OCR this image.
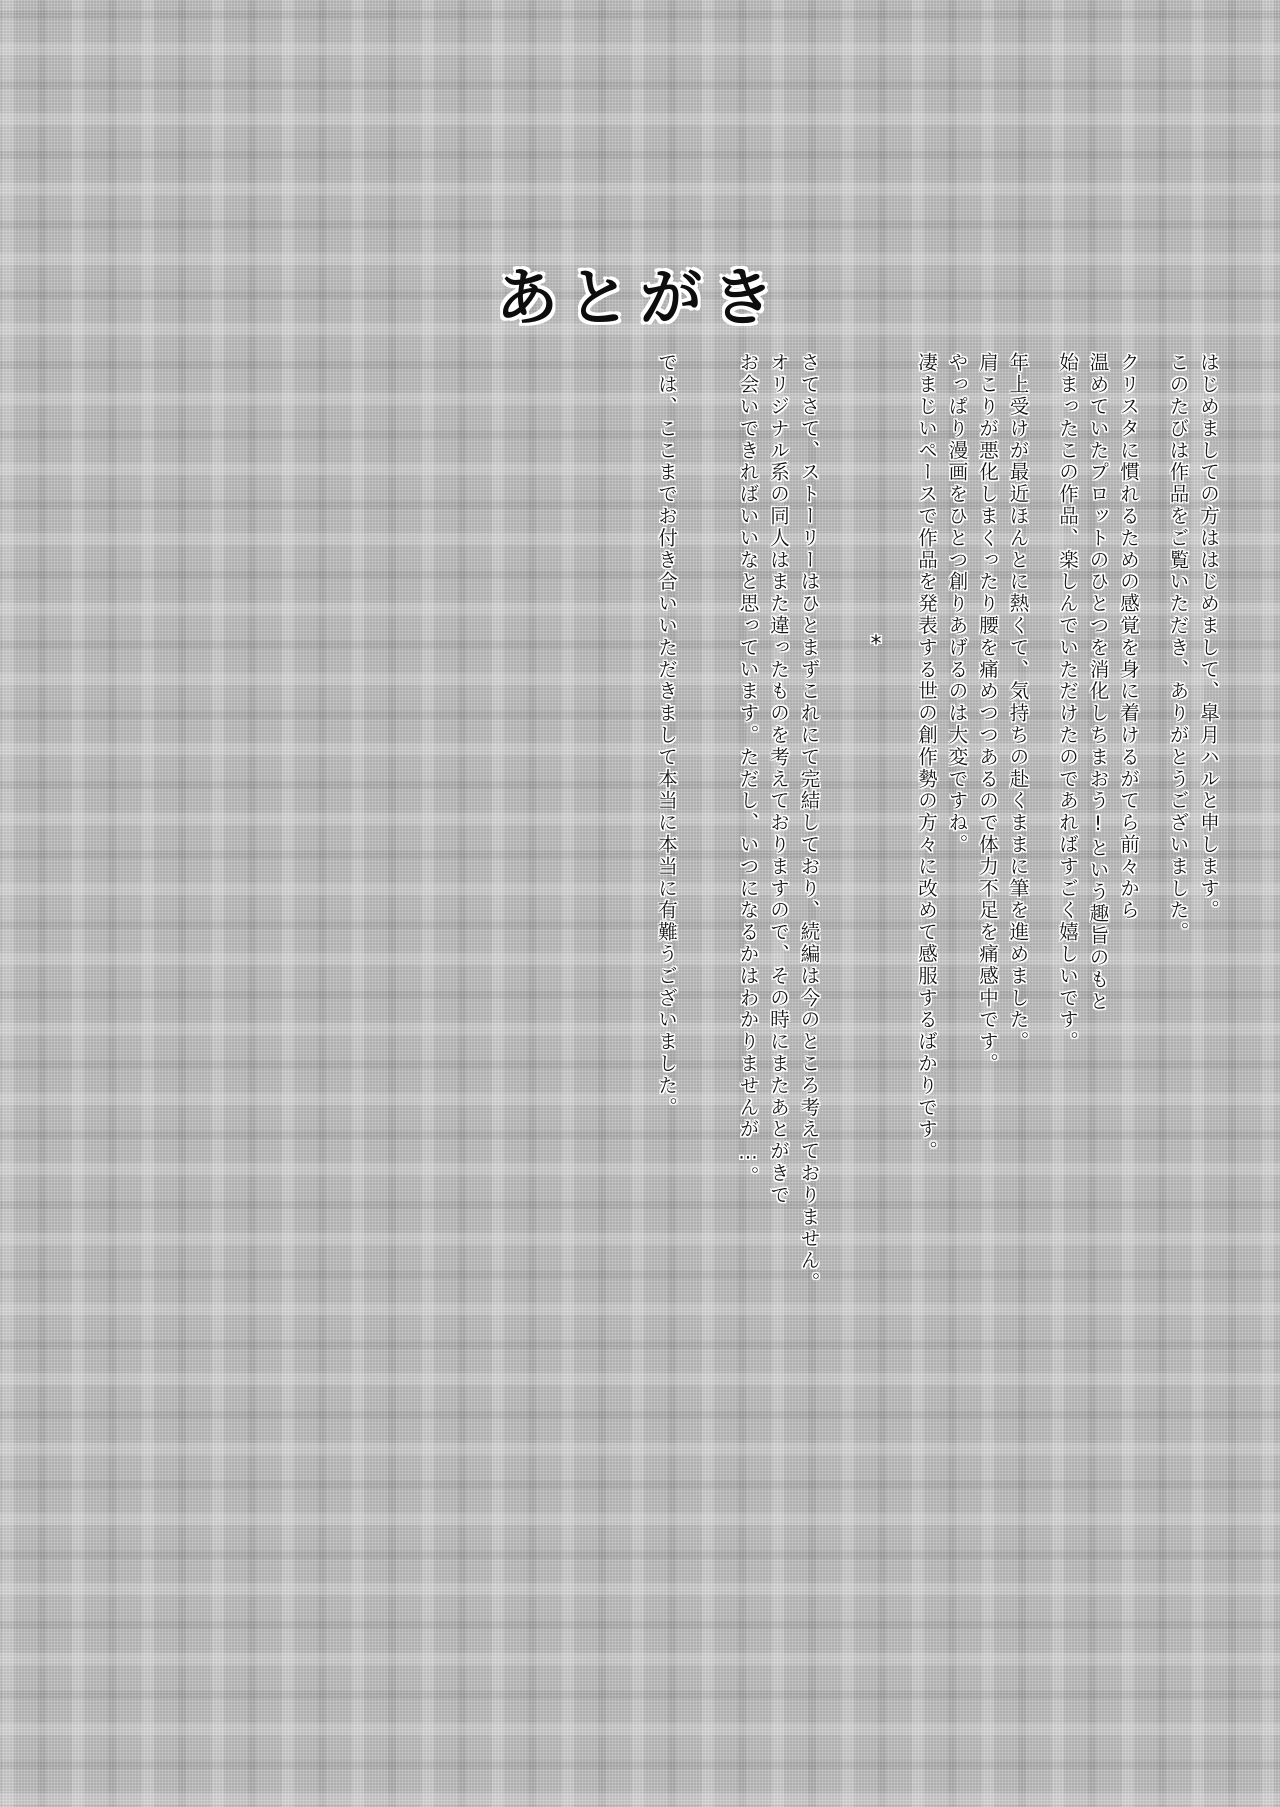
あとがき
はじめましての方ははじめまして、皐月ハルと申します。
このたびは作品をご覧いただき、ありがとうございました。
クリスタに慣れるための感覚を身に着けるがてら前々から
温めていたプロットのひとつを消化しちまおう!という趣旨のもと
始まったこの作品、楽しんでいただけたのであればすごく嬉しいです。
年上受けが最近ほんとに熱くて、気持ちの赴くままに筆を進めました。
肩こりが悪化しまくったり腰を痛めつつあるので体力不足を痛感中です。
やっぱり漫画をひとつ創りあげるのは大変ですね。
凄まじいペースで作品を発表する世の創作勢の方々に改めて感服するばかりです。
*
さてさて、ストーリーはひとまずこれにて完結しており、続編は今のところ考えておりません。
オリジナル系の同人はまた違ったものを考えておりますので、その時にまたあとがきで
お会いできればいいなと思っています。ただし、いつになるかはわかりませんが…。
では、ここまでお付き合いいただきまして本当に本当に有難うございました。
